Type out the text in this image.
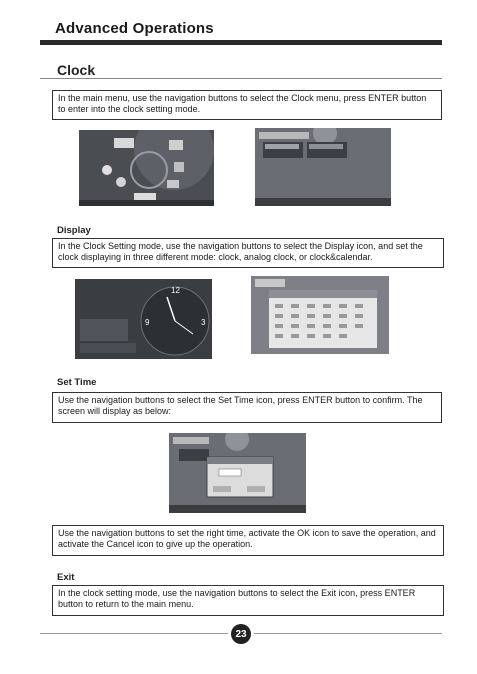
Advanced Operations
Clock
In the main menu, use the navigation buttons to select the Clock menu, press ENTER button to enter into the clock setting mode.
Display
In the Clock Setting mode, use the navigation buttons to select the Display icon, and set the clock displaying in three different mode: clock, analog clock, or clock&calendar.
12
9	3
Set Time
Use the navigation buttons to select the Set Time icon, press ENTER button to confirm. The screen will display as below:
Use the navigation buttons to set the right time, activate the OK icon to save the operation, and activate the Cancel icon to give up the operation.
Exit
In the clock setting mode, use the navigation buttons to select the Exit icon, press ENTER button to return to the main menu.
23
